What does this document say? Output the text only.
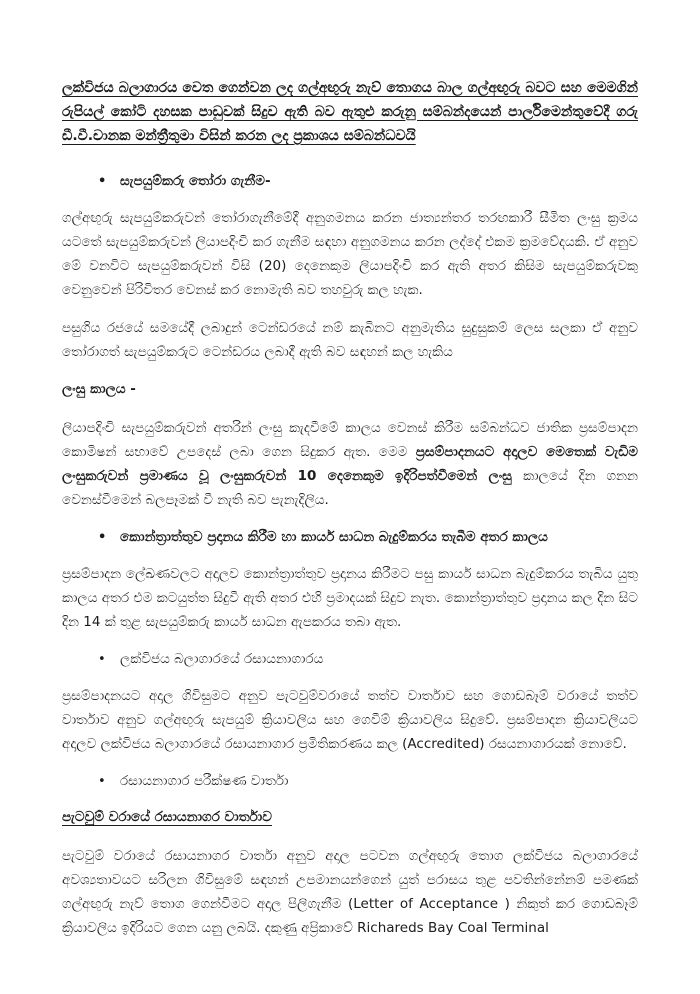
ලක්විජය බලාගාරය වෙත ගෙන්වන ලද ගල්අඟුරු නැව් තොගය බාල ගල්අඟුරු බවට සහ මෙමගින් රුපියල් කෝටි දහසක පාඩුවක් සිදුව ඇති බව ඇතුළු කරුනු සම්බන්දයෙන් පාර්ලිමෙන්තුවේදී ගරු ඩී.වී.චානක මන්ත්‍රීතුමා විසින් කරන ලද ප්‍රකාශය සම්බන්ධවයි
•	සැපයුම්කරු තෝරා ගැනීම-
ගල්අඟුරු සැපයුම්කරුවන් තෝරාගැනීමේදී අනුගමනය කරන ජාත්‍යන්තර තරඟකාරී සීමිත ලංසු ක්‍රමය යටතේ සැපයුම්කරුවන් ලියාපදිංචි කර ගැනීම සඳහා අනුගමනය කරන ලද්දේ එකම ක්‍රමවේදයකි. ඒ අනුව මේ වනවිට සැපයුම්කරුවන් විසි (20) දෙනෙකුම ලියාපදිංචි කර ඇති අතර කිසිම සැපයුම්කරුවකු වෙනුවෙන් පිරිවිතර වෙනස් කර නොමැති බව තහවුරු කල හැක.
පසුගිය රජයේ සමයේදී ලබාදුන් ටෙන්ඩරයේ නම් කැබිනට අනුමැතිය සුදුසුකම් ලෙස සලකා ඒ අනුව තෝරාගත් සැපයුම්කරුට ටෙන්ඩරය ලබාදී ඇති බව සඳහන් කල හැකිය
ලංසු කාලය -
ලියාපදිංචි සැපයුම්කරුවන් අතරින් ලංසු කැදවීමේ කාලය වෙනස් කිරීම සම්බන්ධව ජාතික ප්‍රසම්පාදන කොමිෂන් සභාවේ උපදෙස් ලබා ගෙන සිදුකර ඇත. මෙම ප්‍රසම්පාදනයට අදාලව මෙතෙක් වැඩිම ලංසුකරුවන් ප්‍රමාණය වූ ලංසුකරුවන් 10 දෙනෙකුම ඉදිරිපත්වීමෙන් ලංසු කාලයේ දින ගනන වෙනස්වීමෙන් බලපෑමක් වී නැති බව පැනැදිලිය.
•	කොන්ත්‍රාත්තුව ප්‍රදානය කිරීම හා කාර්ය සාධන බැදුම්කරය තැබීම අතර කාලය
ප්‍රසම්පාදන ලේඛණවලට අදාලව කොන්ත්‍රාත්තුව ප්‍රදානය කිරීමට පසු කාර්ය සාධන බැදුම්කරය තැබිය යුතු කාලය අතර එම කටයුත්ත සිදුවී ඇති අතර එහි ප්‍රමාදයක් සිදුව නැත. කොන්ත්‍රාත්තුව ප්‍රදානය කල දින සිට දින 14 ක් තුළ සැපයුම්කරු කාර්ය සාධන ඇපකරය තබා ඇත.
•	ලක්විජය බලාගාරයේ රසායනාගාරය
ප්‍රසම්පාදනයට අදාල ගිවිසුමට අනුව පැටවුම්වරායේ තත්ව වාර්තාව සහ ගොඩබෑම් වරායේ තත්ව වාර්තාව අනුව ගල්අඟුරු සැපයුම් ක්‍රියාවලිය සහ ගෙවීම් ක්‍රියාවලිය සිදුවේ. ප්‍රසම්පාදන ක්‍රියාවලියට අදාලව ලක්විජය බලාගාරයේ රසායනාගාර ප්‍රමිතිකරණය කල (Accredited) රසයනාගාරයක් නොවේ.
•	රසායනාගාර පරීක්ෂණ වාර්තා
පැටවුම් වරායේ රසායනාගර වාර්තාව
පැටවුම් වරායේ රසායනාගර වාර්තා අනුව අදාල පටවන ගල්අඟුරු තොග ලක්විජය බලාගාරයේ අවශ්‍යතාවයට සරිලන ගිවිසුමේ සඳහන් උපමානයන්ගෙන් යුත් පරාසය තුළ පවතින්නේනම් පමණක් ගල්අඟුරු නැව් තොග ගෙන්වීමට අදාල පිලිගැනීම (Letter of Acceptance ) නිකුත් කර ගොඩබෑම් ක්‍රියාවලිය ඉදිරියට ගෙන යනු ලබයි. දකුණු අප්‍රිකාවේ Richareds Bay Coal Terminal
